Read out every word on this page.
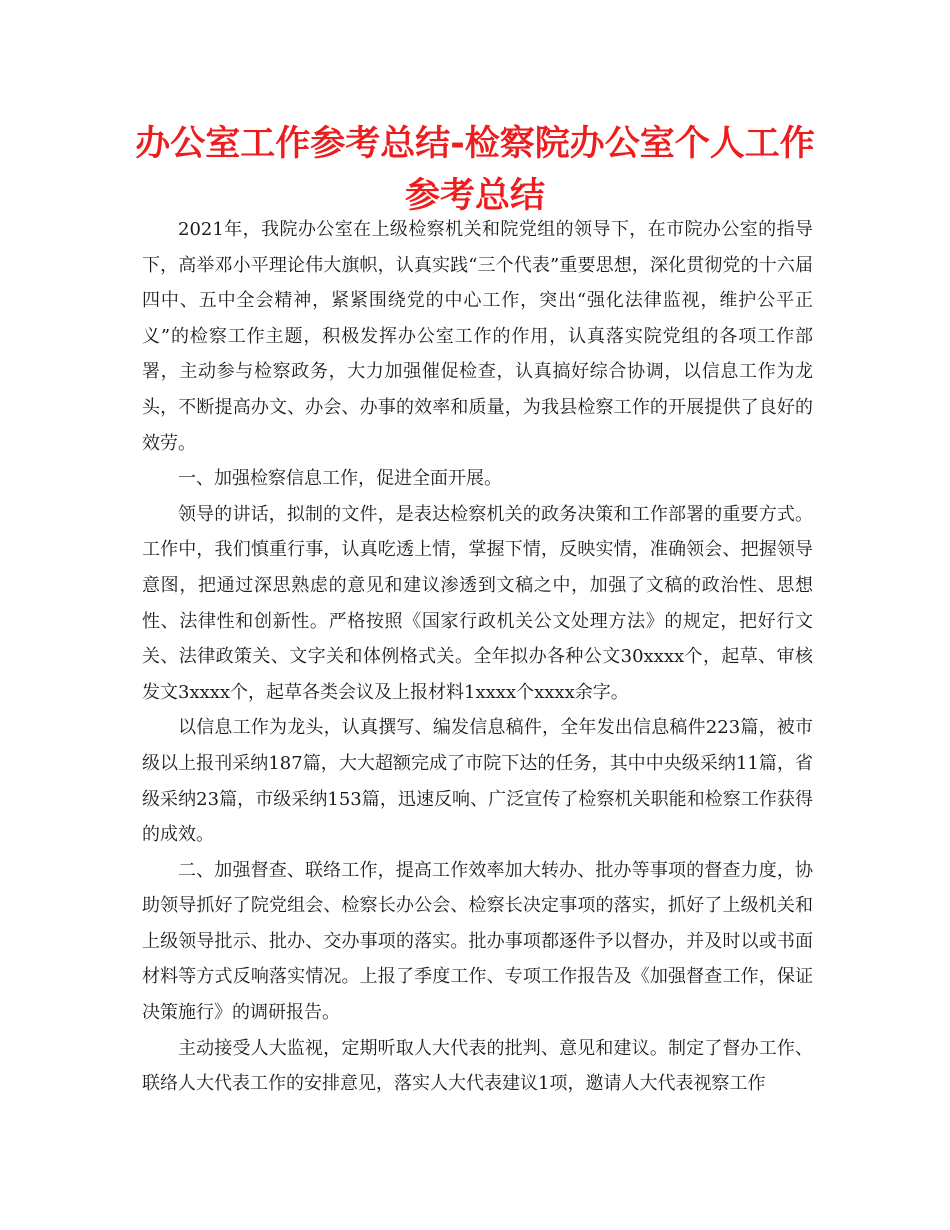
办公室工作参考总结-检察院办公室个人工作参考总结

2021年，我院办公室在上级检察机关和院党组的领导下，在市院办公室的指导下，高举邓小平理论伟大旗帜，认真实践“三个代表”重要思想，深化贯彻党的十六届四中、五中全会精神，紧紧围绕党的中心工作，突出“强化法律监视，维护公平正义”的检察工作主题，积极发挥办公室工作的作用，认真落实院党组的各项工作部署，主动参与检察政务，大力加强催促检查，认真搞好综合协调，以信息工作为龙头，不断提高办文、办会、办事的效率和质量，为我县检察工作的开展提供了良好的效劳。

一、加强检察信息工作，促进全面开展。

领导的讲话，拟制的文件，是表达检察机关的政务决策和工作部署的重要方式。工作中，我们慎重行事，认真吃透上情，掌握下情，反映实情，准确领会、把握领导意图，把通过深思熟虑的意见和建议渗透到文稿之中，加强了文稿的政治性、思想性、法律性和创新性。严格按照《国家行政机关公文处理方法》的规定，把好行文关、法律政策关、文字关和体例格式关。全年拟办各种公文30xxxx个，起草、审核发文3xxxx个，起草各类会议及上报材料1xxxx个xxxx余字。

以信息工作为龙头，认真撰写、编发信息稿件，全年发出信息稿件223篇，被市级以上报刊采纳187篇，大大超额完成了市院下达的任务，其中中央级采纳11篇，省级采纳23篇，市级采纳153篇，迅速反响、广泛宣传了检察机关职能和检察工作获得的成效。

二、加强督查、联络工作，提高工作效率加大转办、批办等事项的督查力度，协助领导抓好了院党组会、检察长办公会、检察长决定事项的落实，抓好了上级机关和上级领导批示、批办、交办事项的落实。批办事项都逐件予以督办，并及时以或书面材料等方式反响落实情况。上报了季度工作、专项工作报告及《加强督查工作，保证决策施行》的调研报告。

主动接受人大监视，定期听取人大代表的批判、意见和建议。制定了督办工作、联络人大代表工作的安排意见，落实人大代表建议1项，邀请人大代表视察工作
